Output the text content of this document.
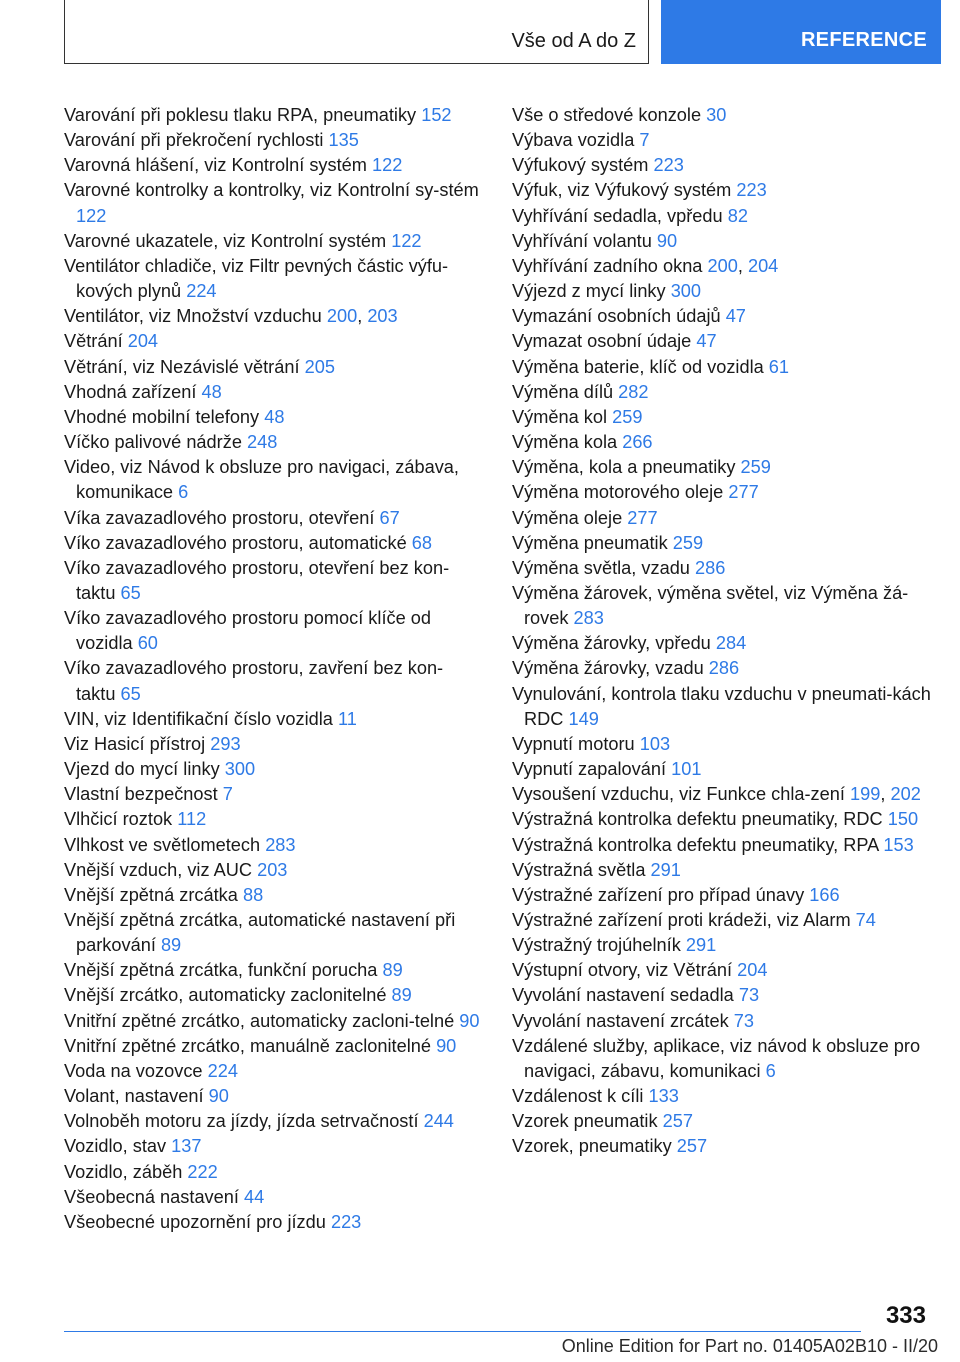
Vše od A do Z	REFERENCE

Varování při poklesu tlaku RPA, pneumatiky 152

Varování při překročení rychlosti 135

Varovná hlášení, viz Kontrolní systém 122

Varovné kontrolky a kontrolky, viz Kontrolní sy‐stém 122

Varovné ukazatele, viz Kontrolní systém 122

Ventilátor chladiče, viz Filtr pevných částic výfu‐kových plynů 224

Ventilátor, viz Množství vzduchu 200, 203

Větrání 204

Větrání, viz Nezávislé větrání 205

Vhodná zařízení 48

Vhodné mobilní telefony 48

Víčko palivové nádrže 248

Video, viz Návod k obsluze pro navigaci, zábava, komunikace 6

Víka zavazadlového prostoru, otevření 67

Víko zavazadlového prostoru, automatické 68

Víko zavazadlového prostoru, otevření bez kon‐taktu 65

Víko zavazadlového prostoru pomocí klíče od vozidla 60

Víko zavazadlového prostoru, zavření bez kon‐taktu 65

VIN, viz Identifikační číslo vozidla 11

Viz Hasicí přístroj 293

Vjezd do mycí linky 300

Vlastní bezpečnost 7

Vlhčicí roztok 112

Vlhkost ve světlometech 283

Vnější vzduch, viz AUC 203

Vnější zpětná zrcátka 88

Vnější zpětná zrcátka, automatické nastavení při parkování 89

Vnější zpětná zrcátka, funkční porucha 89

Vnější zrcátko, automaticky zaclonitelné 89

Vnitřní zpětné zrcátko, automaticky zacloni‐telné 90

Vnitřní zpětné zrcátko, manuálně zaclonitelné 90

Voda na vozovce 224

Volant, nastavení 90

Volnoběh motoru za jízdy, jízda setrvačností 244

Vozidlo, stav 137

Vozidlo, záběh 222

Všeobecná nastavení 44

Všeobecné upozornění pro jízdu 223

Vše o středové konzole 30

Výbava vozidla 7

Výfukový systém 223

Výfuk, viz Výfukový systém 223

Vyhřívání sedadla, vpředu 82

Vyhřívání volantu 90

Vyhřívání zadního okna 200, 204

Výjezd z mycí linky 300

Vymazání osobních údajů 47

Vymazat osobní údaje 47

Výměna baterie, klíč od vozidla 61

Výměna dílů 282

Výměna kol 259

Výměna kola 266

Výměna, kola a pneumatiky 259

Výměna motorového oleje 277

Výměna oleje 277

Výměna pneumatik 259

Výměna světla, vzadu 286

Výměna žárovek, výměna světel, viz Výměna žá‐rovek 283

Výměna žárovky, vpředu 284

Výměna žárovky, vzadu 286

Vynulování, kontrola tlaku vzduchu v pneumati‐kách RDC 149

Vypnutí motoru 103

Vypnutí zapalování 101

Vysoušení vzduchu, viz Funkce chla‐zení 199, 202

Výstražná kontrolka defektu pneumatiky, RDC 150

Výstražná kontrolka defektu pneumatiky, RPA 153

Výstražná světla 291

Výstražné zařízení pro případ únavy 166

Výstražné zařízení proti krádeži, viz Alarm 74

Výstražný trojúhelník 291

Výstupní otvory, viz Větrání 204

Vyvolání nastavení sedadla 73

Vyvolání nastavení zrcátek 73

Vzdálené služby, aplikace, viz návod k obsluze pro navigaci, zábavu, komunikaci 6

Vzdálenost k cíli 133

Vzorek pneumatik 257

Vzorek, pneumatiky 257

333
Online Edition for Part no. 01405A02B10 - II/20
